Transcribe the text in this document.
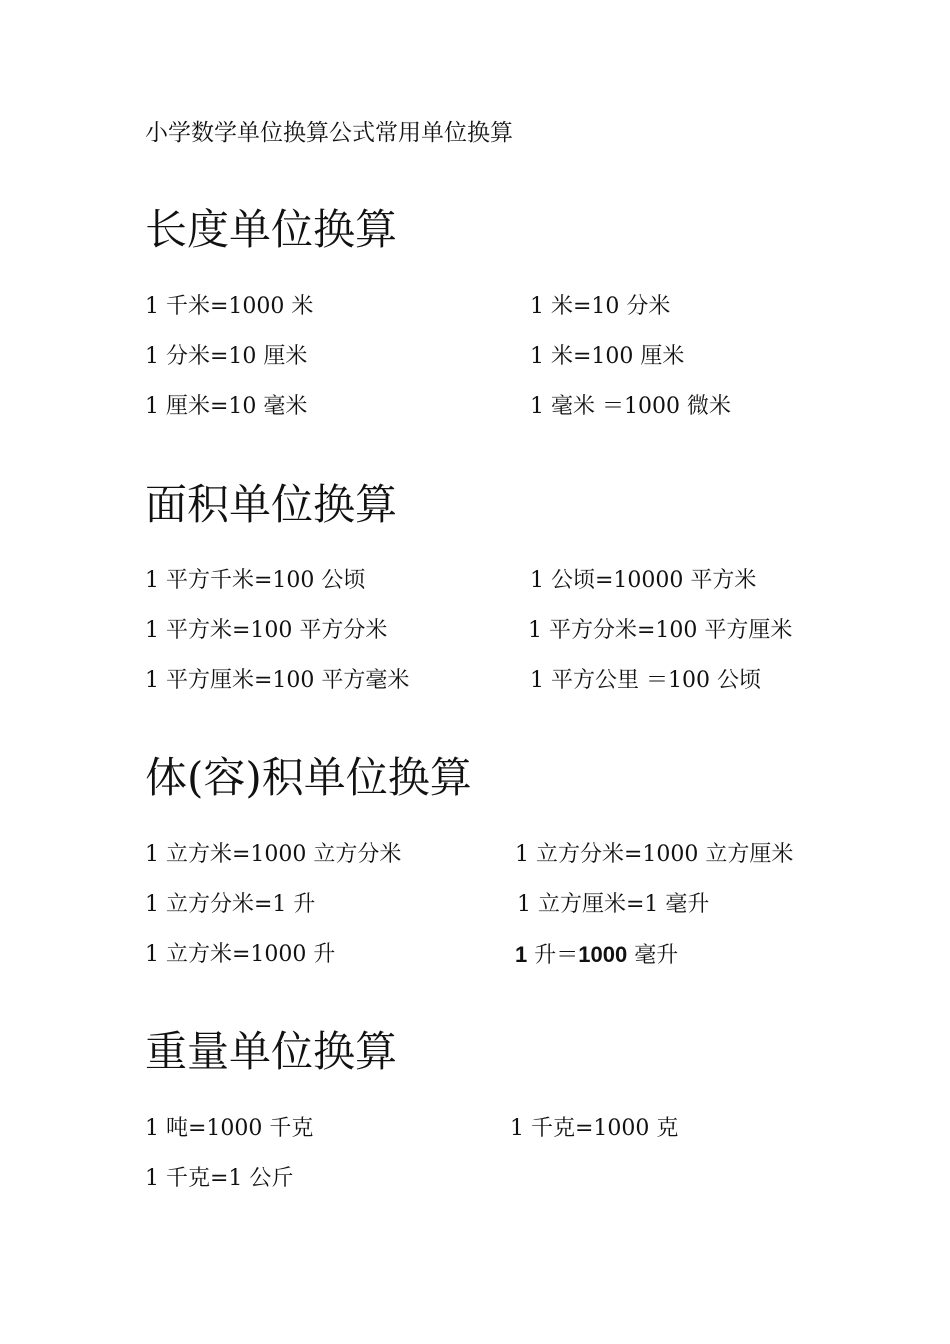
小学数学单位换算公式常用单位换算
长度单位换算
1 千米=1000 米	1 米=10 分米
1 分米=10 厘米	1 米=100 厘米
1 厘米=10 毫米	1 毫米 ＝1000 微米
面积单位换算
1 平方千米=100 公顷	1 公顷=10000 平方米
1 平方米=100 平方分米	1 平方分米=100 平方厘米
1 平方厘米=100 平方毫米	1 平方公里 ＝100 公顷
体(容)积单位换算
1 立方米=1000 立方分米	1 立方分米=1000 立方厘米
1 立方分米=1 升	1 立方厘米=1 毫升
1 立方米=1000 升	1 升＝1000 毫升
重量单位换算
1 吨=1000 千克	1 千克=1000 克
1 千克=1 公斤
